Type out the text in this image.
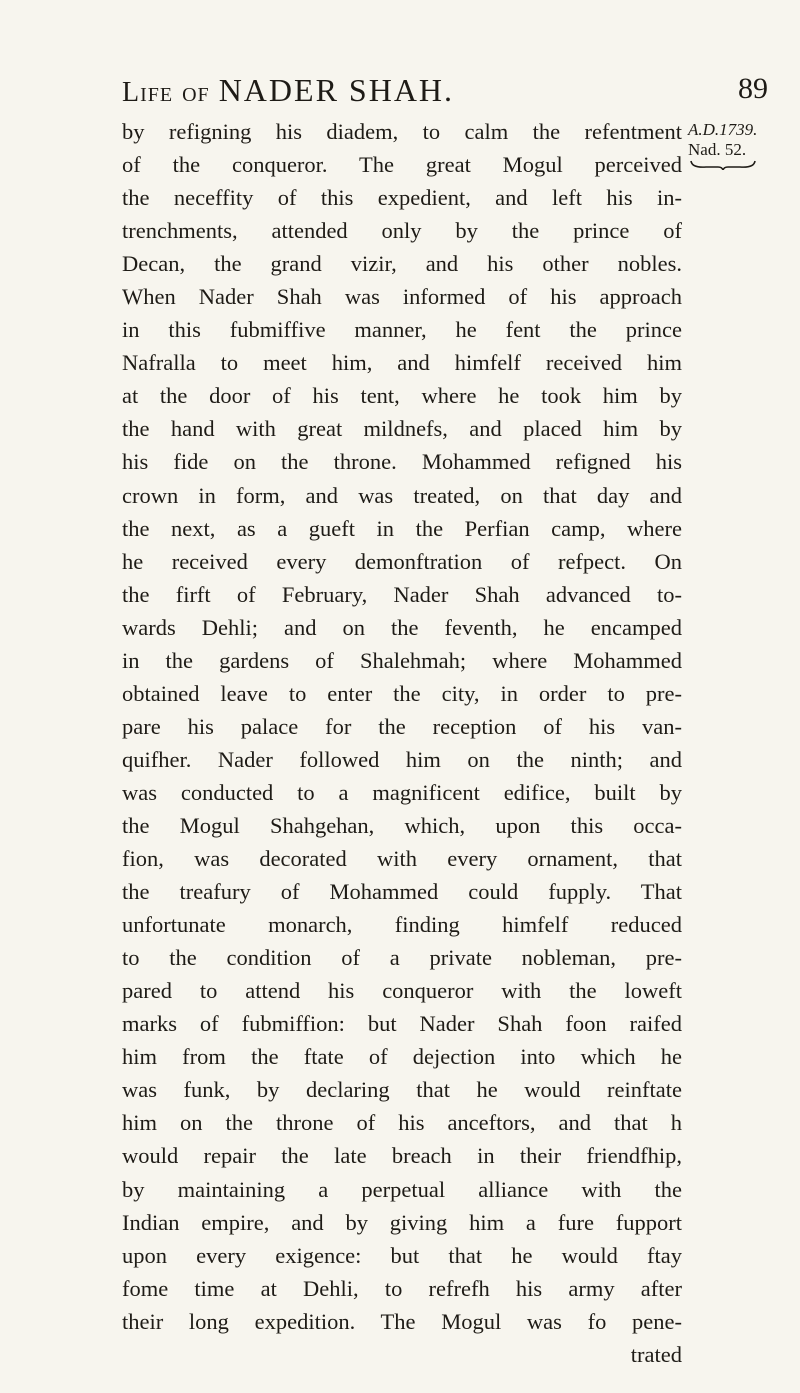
Life of NADER SHAH.	89
A.D.1739.
Nad. 52.
by refigning his diadem, to calm the refentment
of the conqueror. The great Mogul perceived
the neceffity of this expedient, and left his in-
trenchments, attended only by the prince of
Decan, the grand vizir, and his other nobles.
When Nader Shah was informed of his approach
in this fubmiffive manner, he fent the prince
Nafralla to meet him, and himfelf received him
at the door of his tent, where he took him by
the hand with great mildnefs, and placed him by
his fide on the throne. Mohammed refigned his
crown in form, and was treated, on that day and
the next, as a gueft in the Perfian camp, where
he received every demonftration of refpect. On
the firft of February, Nader Shah advanced to-
wards Dehli; and on the feventh, he encamped
in the gardens of Shalehmah; where Mohammed
obtained leave to enter the city, in order to pre-
pare his palace for the reception of his van-
quifher. Nader followed him on the ninth; and
was conducted to a magnificent edifice, built by
the Mogul Shahgehan, which, upon this occa-
fion, was decorated with every ornament, that
the treafury of Mohammed could fupply. That
unfortunate monarch, finding himfelf reduced
to the condition of a private nobleman, pre-
pared to attend his conqueror with the loweft
marks of fubmiffion: but Nader Shah foon raifed
him from the ftate of dejection into which he
was funk, by declaring that he would reinftate
him on the throne of his anceftors, and that h
would repair the late breach in their friendfhip,
by maintaining a perpetual alliance with the
Indian empire, and by giving him a fure fupport
upon every exigence: but that he would ftay
fome time at Dehli, to refrefh his army after
their long expedition. The Mogul was fo pene-
trated
